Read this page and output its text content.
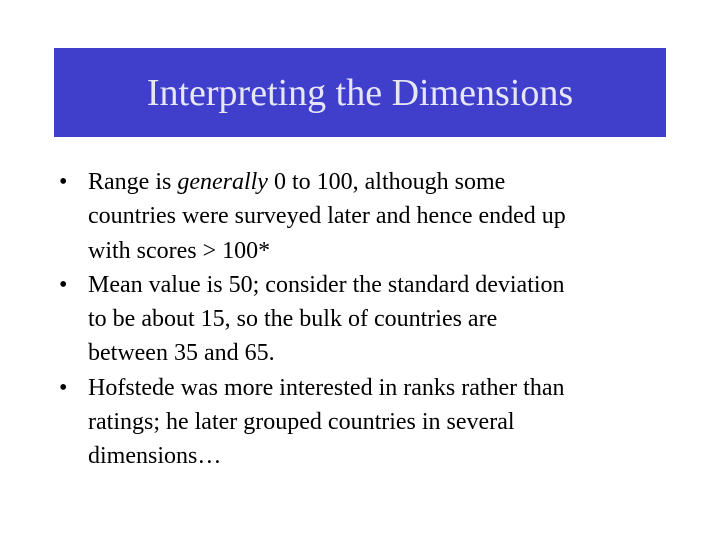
Interpreting the Dimensions
• Range is generally 0 to 100, although some
countries were surveyed later and hence ended up
with scores > 100*
• Mean value is 50; consider the standard deviation
to be about 15, so the bulk of countries are
between 35 and 65.
• Hofstede was more interested in ranks rather than
ratings; he later grouped countries in several
dimensions…
